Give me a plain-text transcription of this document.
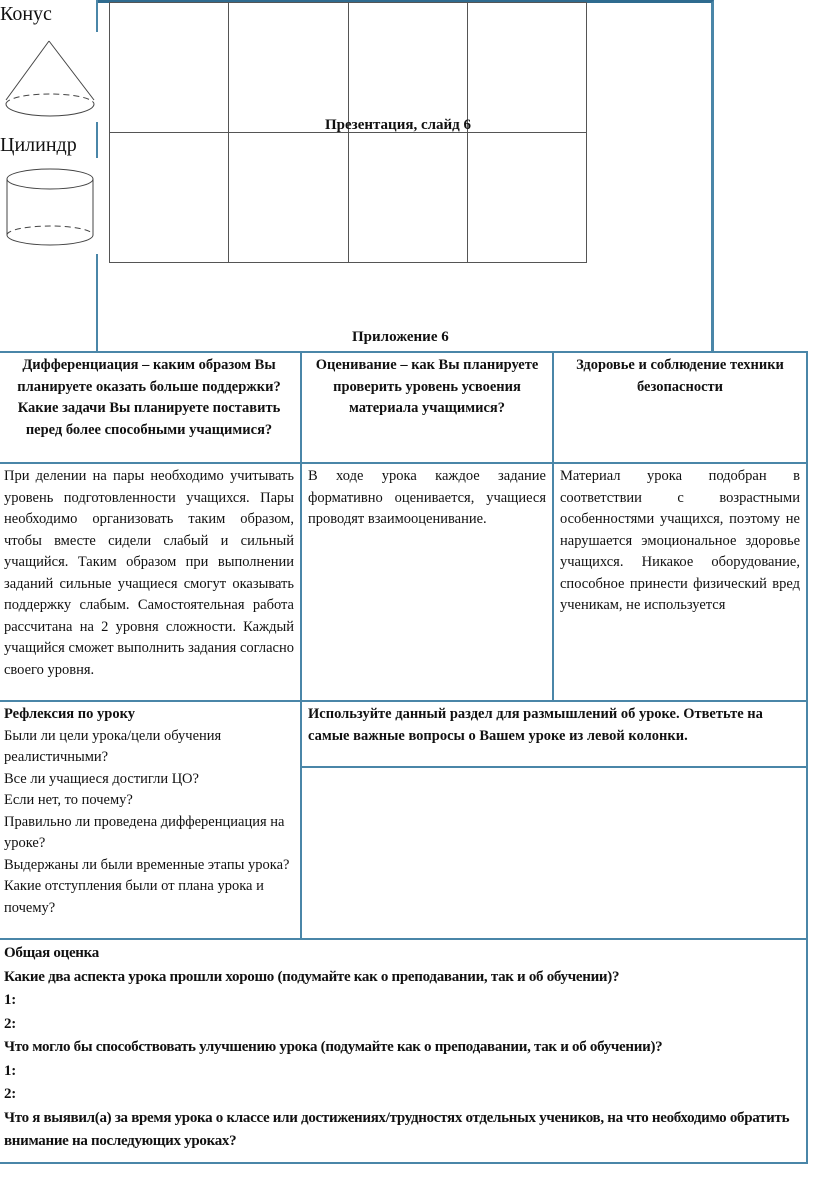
Конус
Цилиндр

Презентация, слайд 6
Приложение 6
Дифференциация – каким образом Вы планируете оказать больше поддержки? Какие задачи Вы планируете поставить перед более способными учащимися?	Оценивание – как Вы планируете проверить уровень усвоения материала учащимися?	Здоровье и соблюдение техники безопасности
При делении на пары необходимо учитывать уровень подготовленности учащихся. Пары необходимо организовать таким образом, чтобы вместе сидели слабый и сильный учащийся. Таким образом при выполнении заданий сильные учащиеся смогут оказывать поддержку слабым. Самостоятельная работа рассчитана на 2 уровня сложности. Каждый учащийся сможет выполнить задания согласно своего уровня.	В ходе урока каждое задание формативно оценивается, учащиеся проводят взаимооценивание.	Материал урока подобран в соответствии с возрастными особенностями учащихся, поэтому не нарушается эмоциональное здоровье учащихся. Никакое оборудование, способное принести физический вред ученикам, не используется

Рефлексия по уроку
Были ли цели урока/цели обучения реалистичными?
Все ли учащиеся достигли ЦО?
Если нет, то почему?
Правильно ли проведена дифференциация на уроке?
Выдержаны ли были временные этапы урока?
Какие отступления были от плана урока и почему?
	Используйте данный раздел для размышлений об уроке. Ответьте на самые важные вопросы о Вашем уроке из левой колонки.

Общая оценка
Какие два аспекта урока прошли хорошо (подумайте как о преподавании, так и об обучении)?
1:
2:
Что могло бы способствовать улучшению урока (подумайте как о преподавании, так и об обучении)?
1:
2:
Что я выявил(а) за время урока о классе или достижениях/трудностях отдельных учеников, на что необходимо обратить внимание на последующих уроках?
